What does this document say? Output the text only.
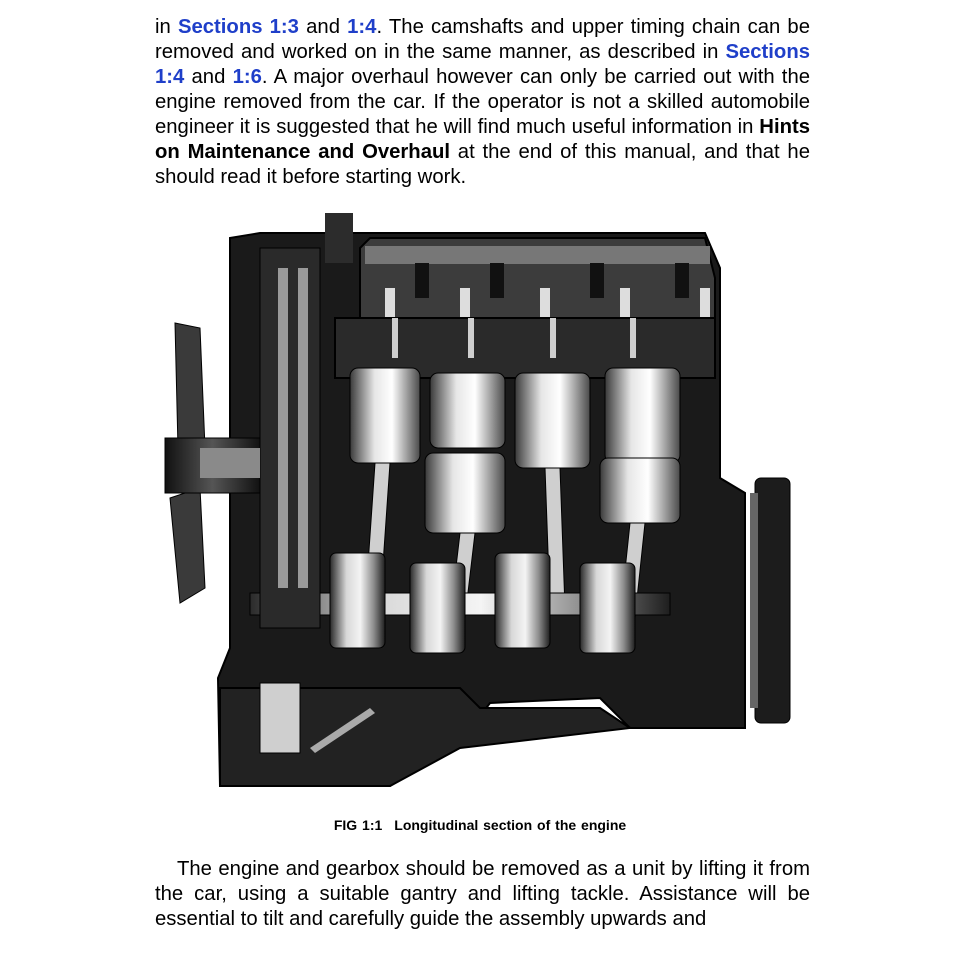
in Sections 1:3 and 1:4. The camshafts and upper timing chain can be removed and worked on in the same manner, as described in Sections 1:4 and 1:6. A major overhaul however can only be carried out with the engine removed from the car. If the operator is not a skilled automobile engineer it is suggested that he will find much useful information in Hints on Maintenance and Overhaul at the end of this manual, and that he should read it before starting work.

FIG 1:1 Longitudinal section of the engine

The engine and gearbox should be removed as a unit by lifting it from the car, using a suitable gantry and lifting tackle. Assistance will be essential to tilt and carefully guide the assembly upwards and
